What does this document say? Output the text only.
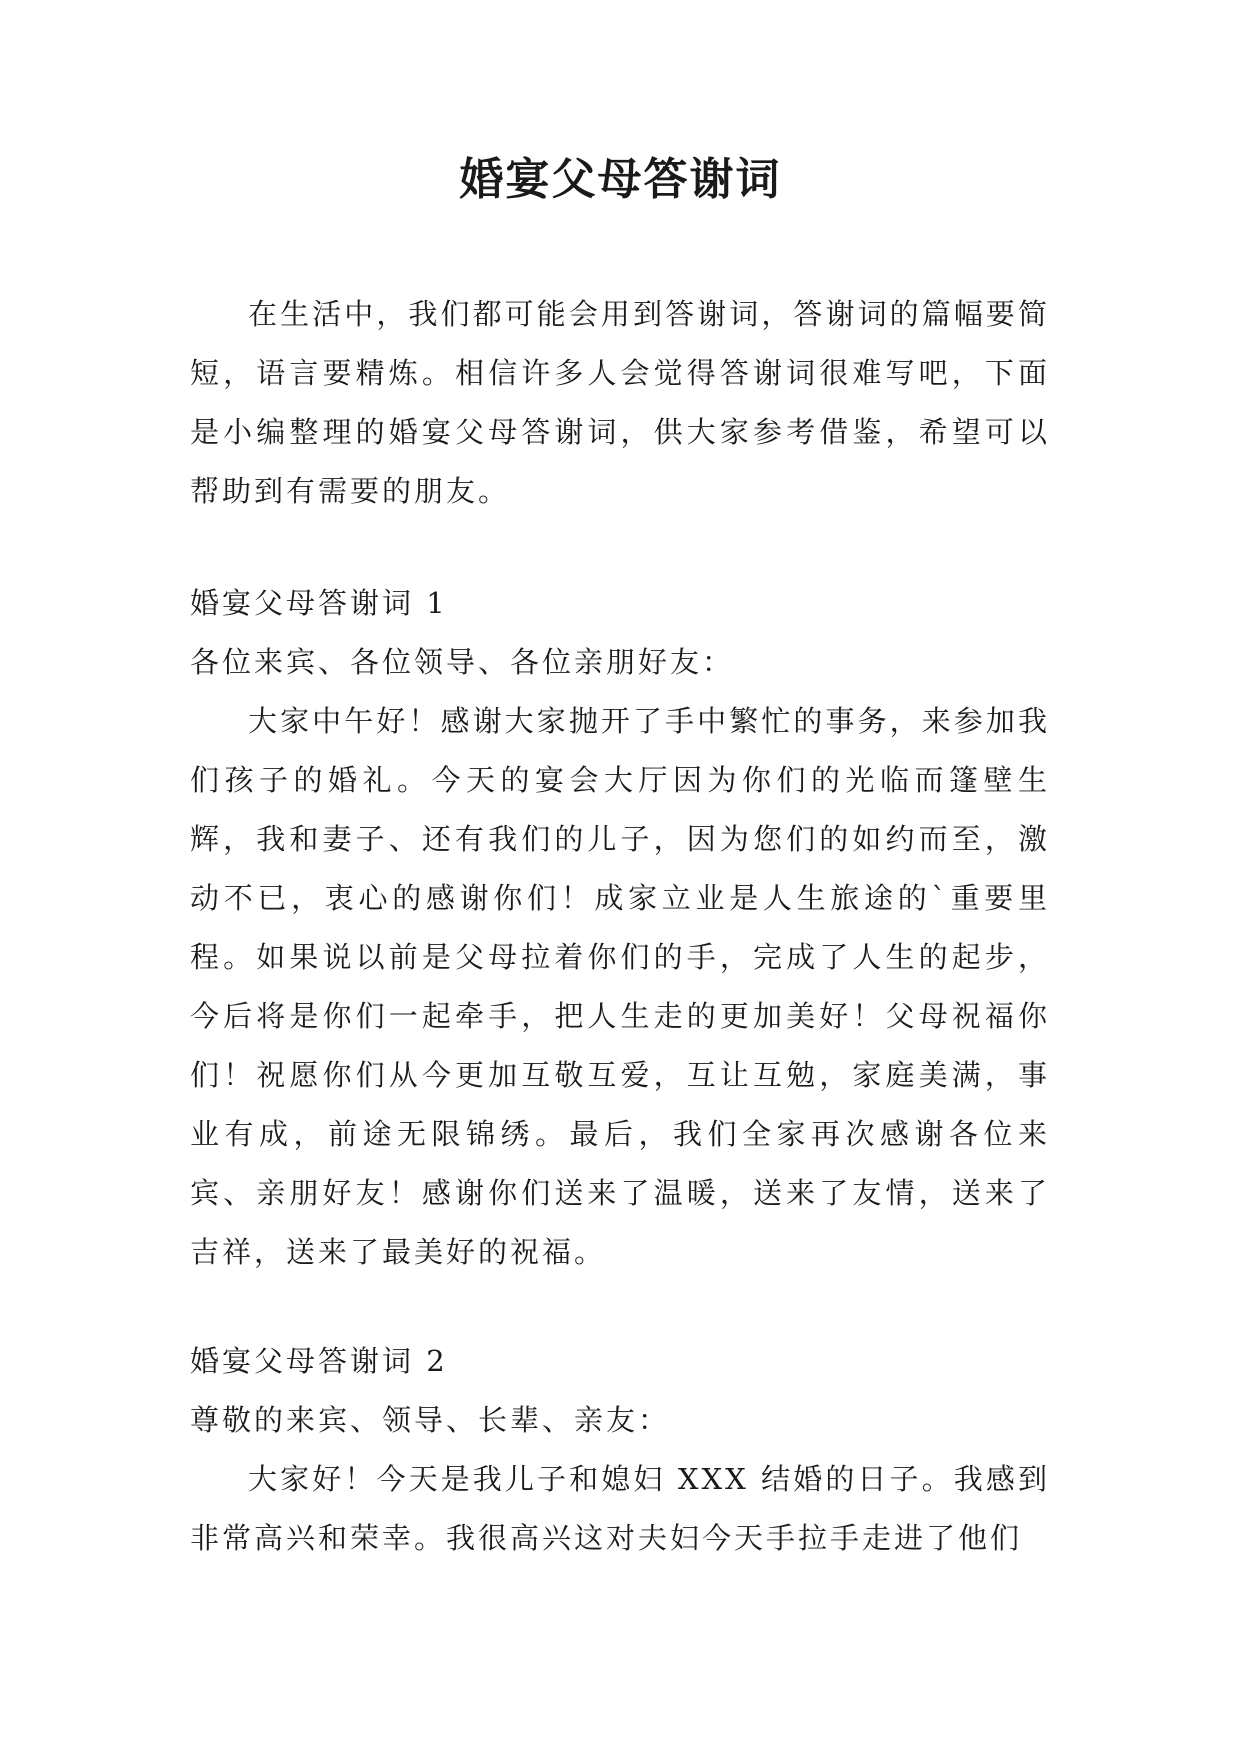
婚宴父母答谢词

在生活中，我们都可能会用到答谢词，答谢词的篇幅要简短，语言要精炼。相信许多人会觉得答谢词很难写吧，下面是小编整理的婚宴父母答谢词，供大家参考借鉴，希望可以帮助到有需要的朋友。

婚宴父母答谢词 1

各位来宾、各位领导、各位亲朋好友：

大家中午好！感谢大家抛开了手中繁忙的事务，来参加我们孩子的婚礼。今天的宴会大厅因为你们的光临而篷壁生辉，我和妻子、还有我们的儿子，因为您们的如约而至，激动不已，衷心的感谢你们！成家立业是人生旅途的`重要里程。如果说以前是父母拉着你们的手，完成了人生的起步，今后将是你们一起牵手，把人生走的更加美好！父母祝福你们！祝愿你们从今更加互敬互爱，互让互勉，家庭美满，事业有成，前途无限锦绣。最后，我们全家再次感谢各位来宾、亲朋好友！感谢你们送来了温暖，送来了友情，送来了吉祥，送来了最美好的祝福。

婚宴父母答谢词 2

尊敬的来宾、领导、长辈、亲友：

大家好！今天是我儿子和媳妇 XXX 结婚的日子。我感到非常高兴和荣幸。我很高兴这对夫妇今天手拉手走进了他们
